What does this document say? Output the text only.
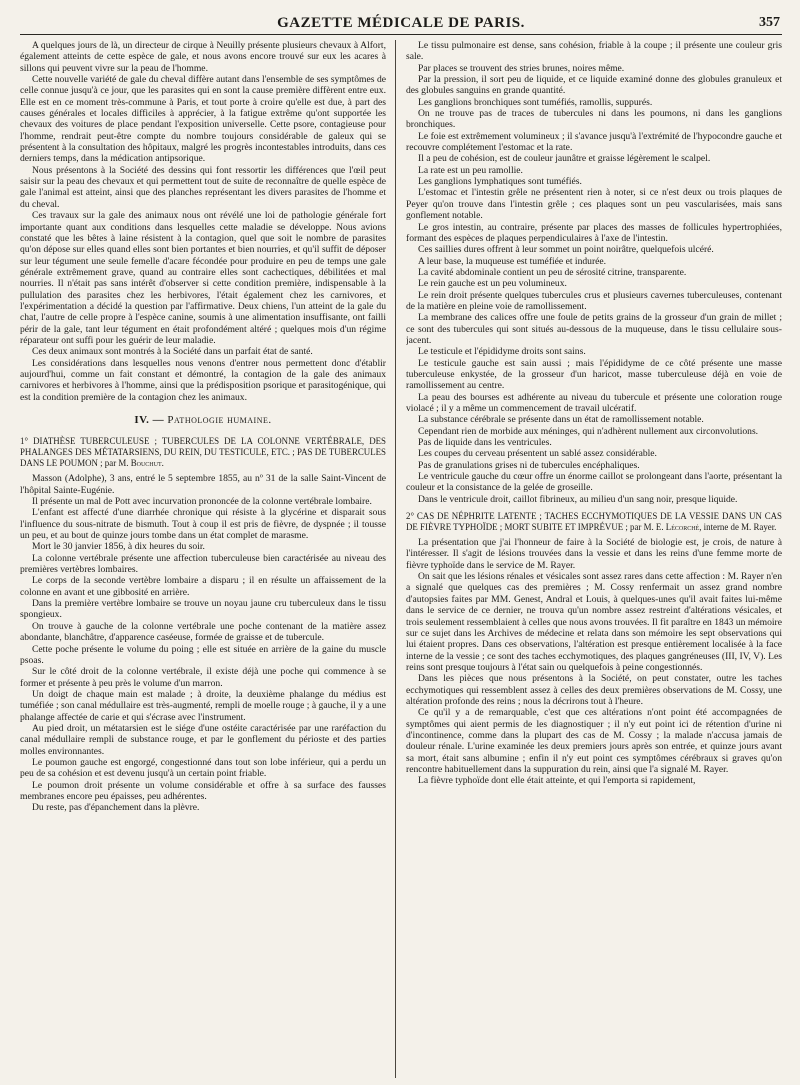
GAZETTE MÉDICALE DE PARIS.	357

A quelques jours de là, un directeur de cirque à Neuilly présente plusieurs chevaux à Alfort, également atteints de cette espèce de gale, et nous avons encore trouvé sur eux les acares à sillons qui peuvent vivre sur la peau de l'homme.

Cette nouvelle variété de gale du cheval diffère autant dans l'ensemble de ses symptômes de celle connue jusqu'à ce jour, que les parasites qui en sont la cause première diffèrent entre eux. Elle est en ce moment très-commune à Paris, et tout porte à croire qu'elle est due, à part des causes générales et locales difficiles à apprécier, à la fatigue extrême qu'ont supportée les chevaux des voitures de place pendant l'exposition universelle. Cette psore, contagieuse pour l'homme, rendrait peut-être compte du nombre toujours considérable de galeux qui se présentent à la consultation des hôpitaux, malgré les progrès incontestables introduits, dans ces derniers temps, dans la médication antipsorique.

Nous présentons à la Société des dessins qui font ressortir les différences que l'œil peut saisir sur la peau des chevaux et qui permettent tout de suite de reconnaître de quelle espèce de gale l'animal est atteint, ainsi que des planches représentant les divers parasites de l'homme et du cheval.

Ces travaux sur la gale des animaux nous ont révélé une loi de pathologie générale fort importante quant aux conditions dans lesquelles cette maladie se développe. Nous avions constaté que les bêtes à laine résistent à la contagion, quel que soit le nombre de parasites qu'on dépose sur elles quand elles sont bien portantes et bien nourries, et qu'il suffit de déposer sur leur tégument une seule femelle d'acare fécondée pour produire en peu de temps une gale générale extrêmement grave, quand au contraire elles sont cachectiques, débilitées et mal nourries. Il n'était pas sans intérêt d'observer si cette condition première, indispensable à la pullulation des parasites chez les herbivores, l'était également chez les carnivores, et l'expérimentation a décidé la question par l'affirmative. Deux chiens, l'un atteint de la gale du chat, l'autre de celle propre à l'espèce canine, soumis à une alimentation insuffisante, ont failli périr de la gale, tant leur tégument en était profondément altéré ; quelques mois d'un régime réparateur ont suffi pour les guérir de leur maladie.

Ces deux animaux sont montrés à la Société dans un parfait état de santé.

Les considérations dans lesquelles nous venons d'entrer nous permettent donc d'établir aujourd'hui, comme un fait constant et démontré, la contagion de la gale des animaux carnivores et herbivores à l'homme, ainsi que la prédisposition psorique et parasitogénique, qui est la condition première de la contagion chez les animaux.

IV. — Pathologie humaine.

1° DIATHÈSE TUBERCULEUSE ; TUBERCULES DE LA COLONNE VERTÉBRALE, DES PHALANGES DES MÉTATARSIENS, DU REIN, DU TESTICULE, ETC. ; PAS DE TUBERCULES DANS LE POUMON ; par M. Bouchut.

Masson (Adolphe), 3 ans, entré le 5 septembre 1855, au nº 31 de la salle Saint-Vincent de l'hôpital Sainte-Eugénie.

Il présente un mal de Pott avec incurvation prononcée de la colonne vertébrale lombaire.

L'enfant est affecté d'une diarrhée chronique qui résiste à la glycérine et disparait sous l'influence du sous-nitrate de bismuth. Tout à coup il est pris de fièvre, de dyspnée ; il tousse un peu, et au bout de quinze jours tombe dans un état complet de marasme.

Mort le 30 janvier 1856, à dix heures du soir.

La colonne vertébrale présente une affection tuberculeuse bien caractérisée au niveau des premières vertèbres lombaires.

Le corps de la seconde vertèbre lombaire a disparu ; il en résulte un affaissement de la colonne en avant et une gibbosité en arrière.

Dans la première vertèbre lombaire se trouve un noyau jaune cru tuberculeux dans le tissu spongieux.

On trouve à gauche de la colonne vertébrale une poche contenant de la matière assez abondante, blanchâtre, d'apparence caséeuse, formée de graisse et de tubercule.

Cette poche présente le volume du poing ; elle est située en arrière de la gaine du muscle psoas.

Sur le côté droit de la colonne vertébrale, il existe déjà une poche qui commence à se former et présente à peu près le volume d'un marron.

Un doigt de chaque main est malade ; à droite, la deuxième phalange du médius est tuméfiée ; son canal médullaire est très-augmenté, rempli de moelle rouge ; à gauche, il y a une phalange affectée de carie et qui s'écrase avec l'instrument.

Au pied droit, un métatarsien est le siége d'une ostéite caractérisée par une raréfaction du canal médullaire rempli de substance rouge, et par le gonflement du périoste et des parties molles environnantes.

Le poumon gauche est engorgé, congestionné dans tout son lobe inférieur, qui a perdu un peu de sa cohésion et est devenu jusqu'à un certain point friable.

Le poumon droit présente un volume considérable et offre à sa surface des fausses membranes encore peu épaisses, peu adhérentes.

Du reste, pas d'épanchement dans la plèvre.

Le tissu pulmonaire est dense, sans cohésion, friable à la coupe ; il présente une couleur gris sale.

Par places se trouvent des stries brunes, noires même.

Par la pression, il sort peu de liquide, et ce liquide examiné donne des globules granuleux et des globules sanguins en grande quantité.

Les ganglions bronchiques sont tuméfiés, ramollis, suppurés.

On ne trouve pas de traces de tubercules ni dans les poumons, ni dans les ganglions bronchiques.

Le foie est extrêmement volumineux ; il s'avance jusqu'à l'extrémité de l'hypocondre gauche et recouvre complétement l'estomac et la rate.

Il a peu de cohésion, est de couleur jaunâtre et graisse légèrement le scalpel.

La rate est un peu ramollie.

Les ganglions lymphatiques sont tuméfiés.

L'estomac et l'intestin grêle ne présentent rien à noter, si ce n'est deux ou trois plaques de Peyer qu'on trouve dans l'intestin grêle ; ces plaques sont un peu vascularisées, mais sans gonflement notable.

Le gros intestin, au contraire, présente par places des masses de follicules hypertrophiées, formant des espèces de plaques perpendiculaires à l'axe de l'intestin.

Ces saillies dures offrent à leur sommet un point noirâtre, quelquefois ulcéré.

A leur base, la muqueuse est tuméfiée et indurée.

La cavité abdominale contient un peu de sérosité citrine, transparente.

Le rein gauche est un peu volumineux.

Le rein droit présente quelques tubercules crus et plusieurs cavernes tuberculeuses, contenant de la matière en pleine voie de ramollissement.

La membrane des calices offre une foule de petits grains de la grosseur d'un grain de millet ; ce sont des tubercules qui sont situés au-dessous de la muqueuse, dans le tissu cellulaire sous-jacent.

Le testicule et l'épididyme droits sont sains.

Le testicule gauche est sain aussi ; mais l'épididyme de ce côté présente une masse tuberculeuse enkystée, de la grosseur d'un haricot, masse tuberculeuse déjà en voie de ramollissement au centre.

La peau des bourses est adhérente au niveau du tubercule et présente une coloration rouge violacé ; il y a même un commencement de travail ulcératif.

La substance cérébrale se présente dans un état de ramollissement notable.

Cependant rien de morbide aux méninges, qui n'adhèrent nullement aux circonvolutions.

Pas de liquide dans les ventricules.

Les coupes du cerveau présentent un sablé assez considérable.

Pas de granulations grises ni de tubercules encéphaliques.

Le ventricule gauche du cœur offre un énorme caillot se prolongeant dans l'aorte, présentant la couleur et la consistance de la gelée de groseille.

Dans le ventricule droit, caillot fibrineux, au milieu d'un sang noir, presque liquide.

2° CAS DE NÉPHRITE LATENTE ; TACHES ECCHYMOTIQUES DE LA VESSIE DANS UN CAS DE FIÈVRE TYPHOÏDE ; MORT SUBITE ET IMPRÉVUE ; par M. E. Lécorché, interne de M. Rayer.

La présentation que j'ai l'honneur de faire à la Société de biologie est, je crois, de nature à l'intéresser. Il s'agit de lésions trouvées dans la vessie et dans les reins d'une femme morte de fièvre typhoïde dans le service de M. Rayer.

On sait que les lésions rénales et vésicales sont assez rares dans cette affection : M. Rayer n'en a signalé que quelques cas des premières ; M. Cossy renfermait un assez grand nombre d'autopsies faites par MM. Genest, Andral et Louis, à quelques-unes qu'il avait faites lui-même dans le service de ce dernier, ne trouva qu'un nombre assez restreint d'altérations vésicales, et trois seulement ressemblaient à celles que nous avons trouvées. Il fit paraître en 1843 un mémoire sur ce sujet dans les Archives de médecine et relata dans son mémoire les sept observations qui lui étaient propres. Dans ces observations, l'altération est presque entièrement localisée à la face interne de la vessie ; ce sont des taches ecchymotiques, des plaques gangréneuses (III, IV, V). Les reins sont presque toujours à l'état sain ou quelquefois à peine congestionnés.

Dans les pièces que nous présentons à la Société, on peut constater, outre les taches ecchymotiques qui ressemblent assez à celles des deux premières observations de M. Cossy, une altération profonde des reins ; nous la décrirons tout à l'heure.

Ce qu'il y a de remarquable, c'est que ces altérations n'ont point été accompagnées de symptômes qui aient permis de les diagnostiquer ; il n'y eut point ici de rétention d'urine ni d'incontinence, comme dans la plupart des cas de M. Cossy ; la malade n'accusa jamais de douleur rénale. L'urine examinée les deux premiers jours après son entrée, et quinze jours avant sa mort, était sans albumine ; enfin il n'y eut point ces symptômes cérébraux si graves qu'on rencontre habituellement dans la suppuration du rein, ainsi que l'a signalé M. Rayer.

La fièvre typhoïde dont elle était atteinte, et qui l'emporta si rapidement,
